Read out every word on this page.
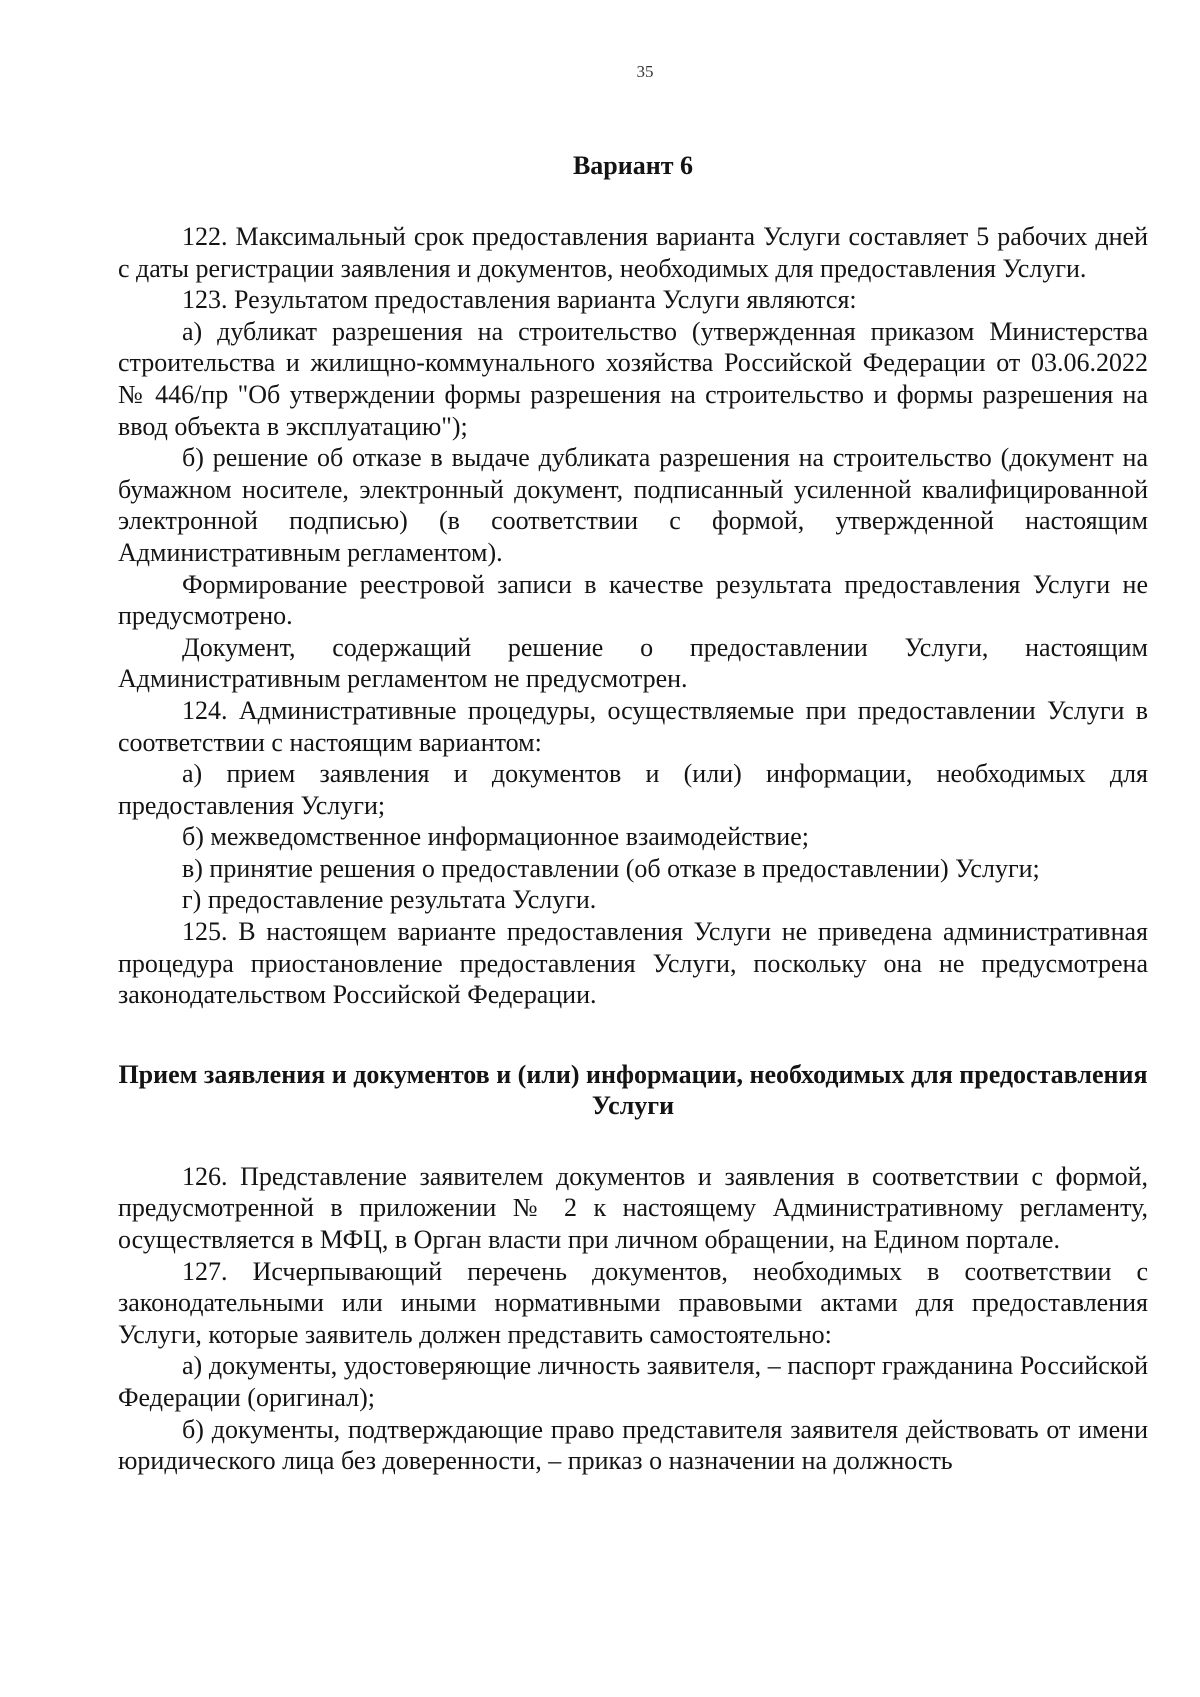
35
Вариант 6

122. Максимальный срок предоставления варианта Услуги составляет 5 рабочих дней с даты регистрации заявления и документов, необходимых для предоставления Услуги.

123. Результатом предоставления варианта Услуги являются:

а) дубликат разрешения на строительство (утвержденная приказом Министерства строительства и жилищно-коммунального хозяйства Российской Федерации от 03.06.2022 № 446/пр "Об утверждении формы разрешения на строительство и формы разрешения на ввод объекта в эксплуатацию");

б) решение об отказе в выдаче дубликата разрешения на строительство (документ на бумажном носителе, электронный документ, подписанный усиленной квалифицированной электронной подписью) (в соответствии с формой, утвержденной настоящим Административным регламентом).

Формирование реестровой записи в качестве результата предоставления Услуги не предусмотрено.

Документ, содержащий решение о предоставлении Услуги, настоящим Административным регламентом не предусмотрен.

124. Административные процедуры, осуществляемые при предоставлении Услуги в соответствии с настоящим вариантом:

а) прием заявления и документов и (или) информации, необходимых для предоставления Услуги;

б) межведомственное информационное взаимодействие;

в) принятие решения о предоставлении (об отказе в предоставлении) Услуги;

г) предоставление результата Услуги.

125. В настоящем варианте предоставления Услуги не приведена административная процедура приостановление предоставления Услуги, поскольку она не предусмотрена законодательством Российской Федерации.

Прием заявления и документов и (или) информации, необходимых для предоставления Услуги

126. Представление заявителем документов и заявления в соответствии с формой, предусмотренной в приложении № 2 к настоящему Административному регламенту, осуществляется в МФЦ, в Орган власти при личном обращении, на Едином портале.

127. Исчерпывающий перечень документов, необходимых в соответствии с законодательными или иными нормативными правовыми актами для предоставления Услуги, которые заявитель должен представить самостоятельно:

а) документы, удостоверяющие личность заявителя, – паспорт гражданина Российской Федерации (оригинал);

б) документы, подтверждающие право представителя заявителя действовать от имени юридического лица без доверенности, – приказ о назначении на должность
